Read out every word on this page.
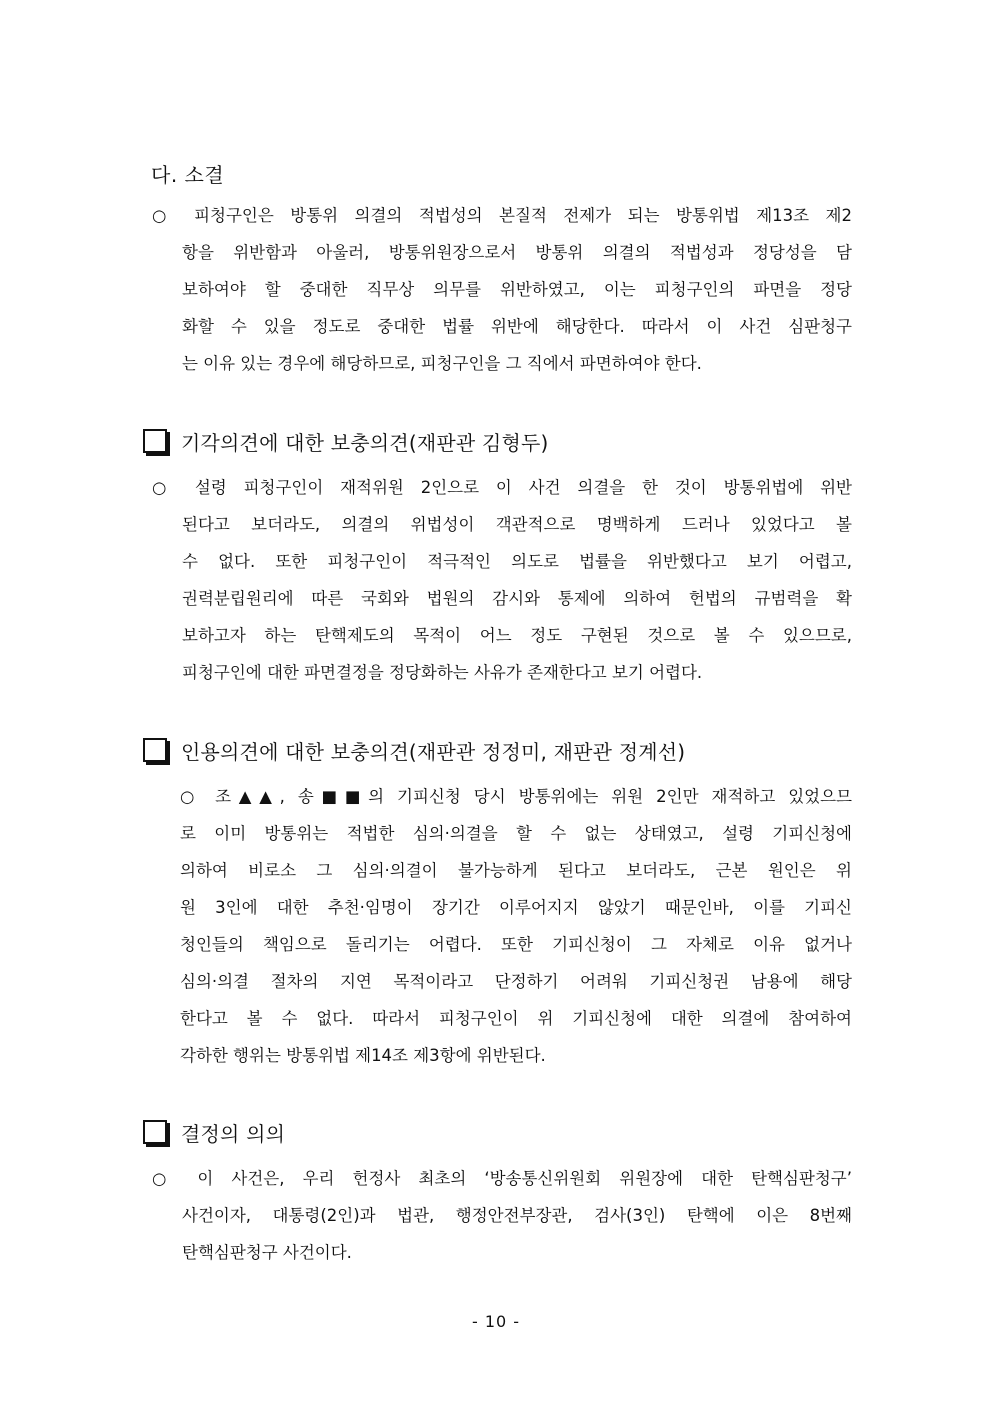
다. 소결
○ 피청구인은 방통위 의결의 적법성의 본질적 전제가 되는 방통위법 제13조 제2
항을 위반함과 아울러, 방통위원장으로서 방통위 의결의 적법성과 정당성을 담
보하여야 할 중대한 직무상 의무를 위반하였고, 이는 피청구인의 파면을 정당
화할 수 있을 정도로 중대한 법률 위반에 해당한다. 따라서 이 사건 심판청구
는 이유 있는 경우에 해당하므로, 피청구인을 그 직에서 파면하여야 한다.
기각의견에 대한 보충의견(재판관 김형두)
○ 설령 피청구인이 재적위원 2인으로 이 사건 의결을 한 것이 방통위법에 위반
된다고 보더라도, 의결의 위법성이 객관적으로 명백하게 드러나 있었다고 볼
수 없다. 또한 피청구인이 적극적인 의도로 법률을 위반했다고 보기 어렵고,
권력분립원리에 따른 국회와 법원의 감시와 통제에 의하여 헌법의 규범력을 확
보하고자 하는 탄핵제도의 목적이 어느 정도 구현된 것으로 볼 수 있으므로,
피청구인에 대한 파면결정을 정당화하는 사유가 존재한다고 보기 어렵다.
인용의견에 대한 보충의견(재판관 정정미, 재판관 정계선)
○ 조▲▲, 송■■의 기피신청 당시 방통위에는 위원 2인만 재적하고 있었으므
로 이미 방통위는 적법한 심의·의결을 할 수 없는 상태였고, 설령 기피신청에
의하여 비로소 그 심의·의결이 불가능하게 된다고 보더라도, 근본 원인은 위
원 3인에 대한 추천·임명이 장기간 이루어지지 않았기 때문인바, 이를 기피신
청인들의 책임으로 돌리기는 어렵다. 또한 기피신청이 그 자체로 이유 없거나
심의·의결 절차의 지연 목적이라고 단정하기 어려워 기피신청권 남용에 해당
한다고 볼 수 없다. 따라서 피청구인이 위 기피신청에 대한 의결에 참여하여
각하한 행위는 방통위법 제14조 제3항에 위반된다.
결정의 의의
○ 이 사건은, 우리 헌정사 최초의 ‘방송통신위원회 위원장에 대한 탄핵심판청구’
사건이자, 대통령(2인)과 법관, 행정안전부장관, 검사(3인) 탄핵에 이은 8번째
탄핵심판청구 사건이다.
- 10 -
